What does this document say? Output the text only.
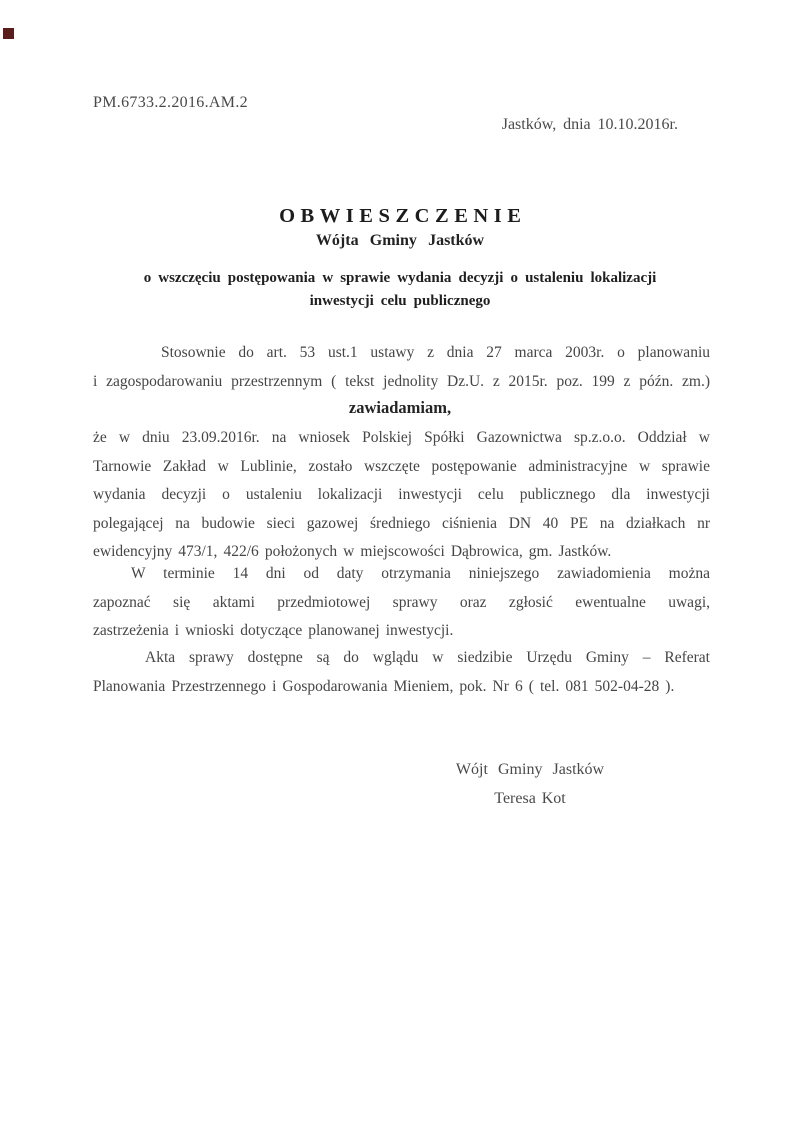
PM.6733.2.2016.AM.2
Jastków, dnia 10.10.2016r.
OBWIESZCZENIE
Wójta Gminy Jastków
o wszczęciu postępowania w sprawie wydania decyzji o ustaleniu lokalizacji
inwestycji celu publicznego
Stosownie do art. 53 ust.1 ustawy z dnia 27 marca 2003r. o planowaniu
i zagospodarowaniu przestrzennym ( tekst jednolity Dz.U. z 2015r. poz. 199 z późn. zm.)
zawiadamiam,
że w dniu 23.09.2016r. na wniosek Polskiej Spółki Gazownictwa sp.z.o.o. Oddział w
Tarnowie Zakład w Lublinie, zostało wszczęte postępowanie administracyjne w sprawie
wydania decyzji o ustaleniu lokalizacji inwestycji celu publicznego dla inwestycji
polegającej na budowie sieci gazowej średniego ciśnienia DN 40 PE na działkach nr
ewidencyjny 473/1, 422/6 położonych w miejscowości Dąbrowica, gm. Jastków.
W terminie 14 dni od daty otrzymania niniejszego zawiadomienia można
zapoznać się aktami przedmiotowej sprawy oraz zgłosić ewentualne uwagi,
zastrzeżenia i wnioski dotyczące planowanej inwestycji.
Akta sprawy dostępne są do wglądu w siedzibie Urzędu Gminy – Referat
Planowania Przestrzennego i Gospodarowania Mieniem, pok. Nr 6 ( tel. 081 502-04-28 ).
Wójt Gminy Jastków
Teresa Kot
